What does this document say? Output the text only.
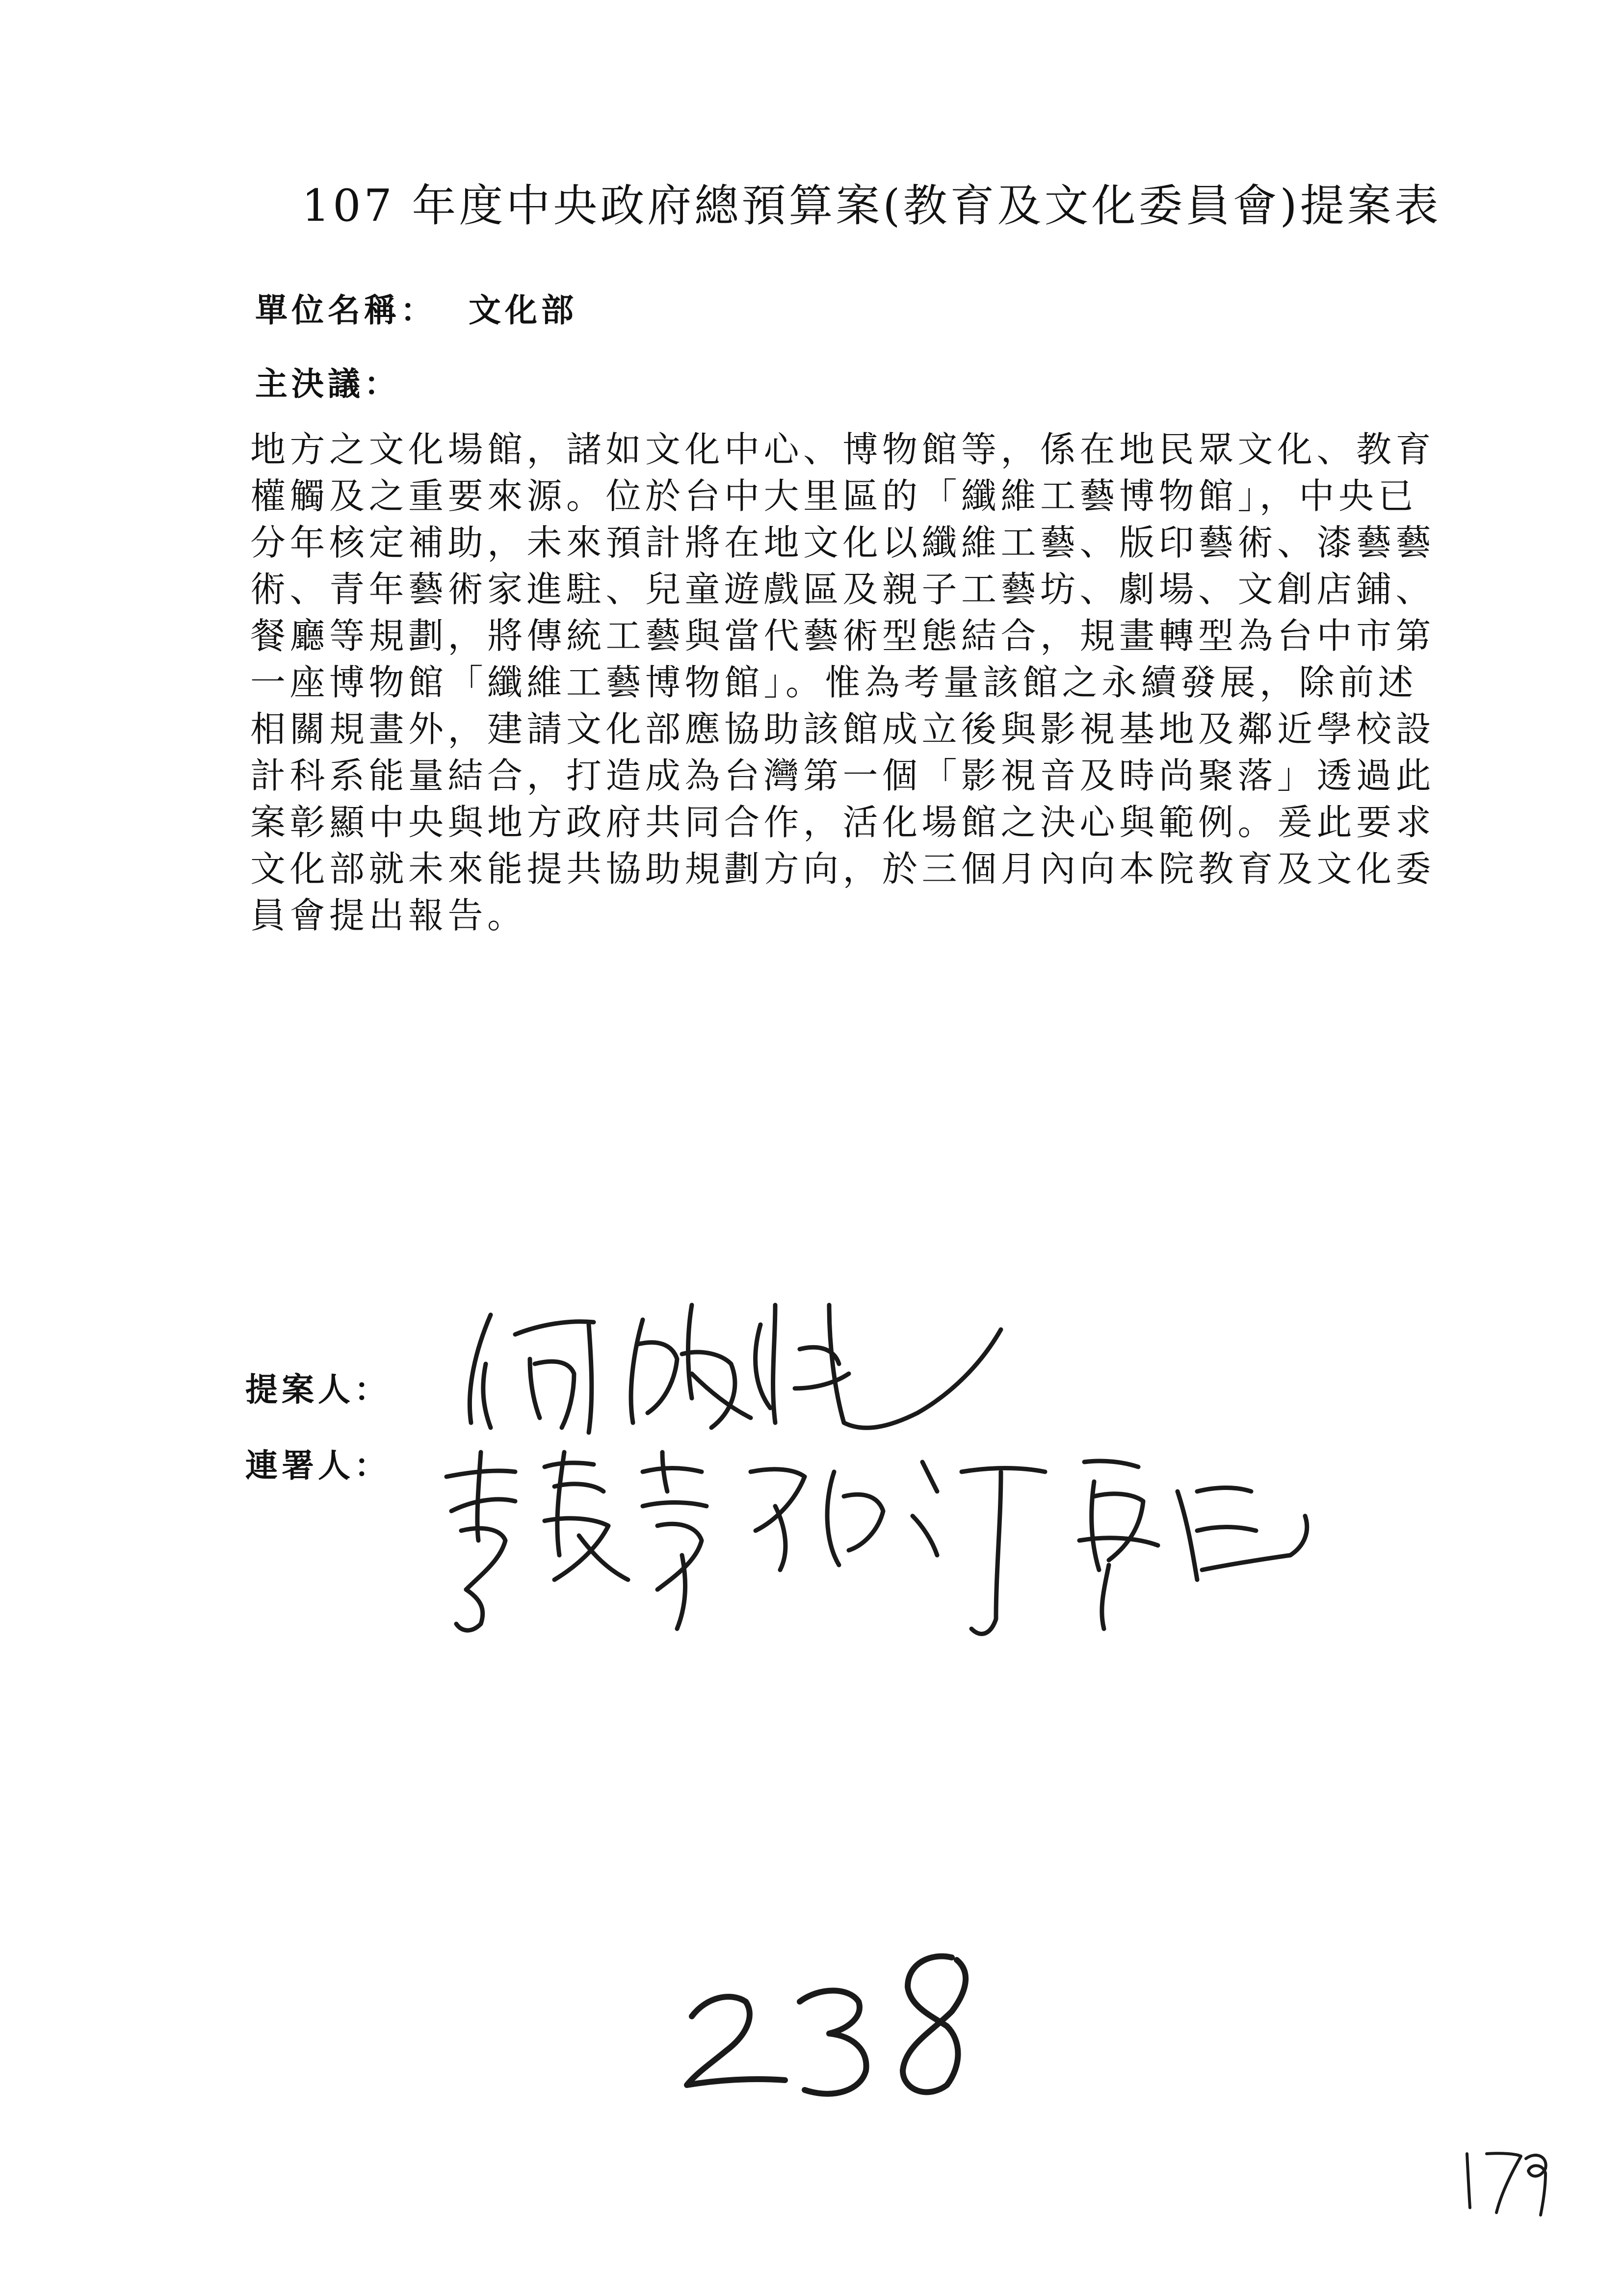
107 年度中央政府總預算案(教育及文化委員會)提案表
單位名稱： 文化部
主決議：
地方之文化場館，諸如文化中心、博物館等，係在地民眾文化、教育
權觸及之重要來源。位於台中大里區的「纖維工藝博物館」，中央已
分年核定補助，未來預計將在地文化以纖維工藝、版印藝術、漆藝藝
術、青年藝術家進駐、兒童遊戲區及親子工藝坊、劇場、文創店鋪、
餐廳等規劃，將傳統工藝與當代藝術型態結合，規畫轉型為台中市第
一座博物館「纖維工藝博物館」。惟為考量該館之永續發展，除前述
相關規畫外，建請文化部應協助該館成立後與影視基地及鄰近學校設
計科系能量結合，打造成為台灣第一個「影視音及時尚聚落」透過此
案彰顯中央與地方政府共同合作，活化場館之決心與範例。爰此要求
文化部就未來能提共協助規劃方向，於三個月內向本院教育及文化委
員會提出報告。
提案人：
連署人：
